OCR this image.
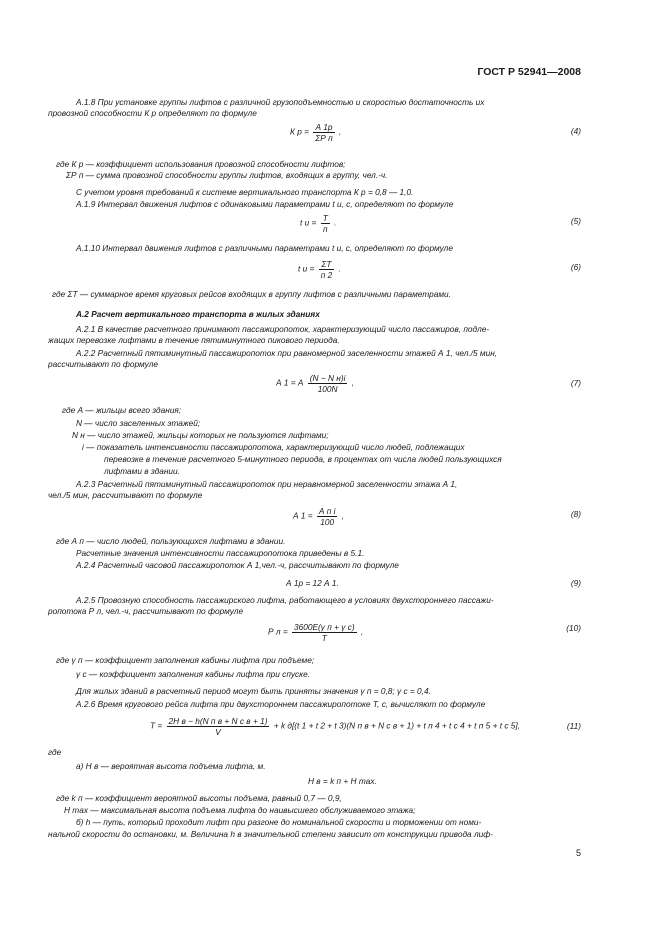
ГОСТ Р 52941—2008
А.1.8 При установке группы лифтов с различной грузоподъемностью и скоростью достаточность их
провозной способности К р определяют по формуле
К $р = \frac{А 1р}{\text{ΣР п}}$ ,	(4)
где К р — коэффициент использования провозной способности лифтов;
ΣР п — сумма провозной способности группы лифтов, входящих в группу, чел.-ч.
С учетом уровня требований к системе вертикального транспорта К р = 0,8 — 1,0.
А.1.9 Интервал движения лифтов с одинаковыми параметрами t и, с, определяют по формуле
t $и = \frac{Т}{п}$ .	(5)
А.1.10 Интервал движения лифтов с различными параметрами t и, с, определяют по формуле
t $и = \frac{\Sigma Т}{п 2}$ .	(6)
где ΣТ — суммарное время круговых рейсов входящих в группу лифтов с различными параметрами.
А.2 Расчет вертикального транспорта в жилых зданиях
А.2.1 В качестве расчетного принимают пассажиропоток, характеризующий число пассажиров, подле-
жащих перевозке лифтами в течение пятиминутного пикового периода.
А.2.2 Расчетный пятиминутный пассажиропоток при равномерной заселенности этажей А 1, чел./5 мин,
рассчитывают по формуле
А 1 = А $\frac{\text{(N − N н)i}}{100N}$ ,	(7)
где А — жильцы всего здания;
N — число заселенных этажей;
N н — число этажей, жильцы которых не пользуются лифтами;
i — показатель интенсивности пассажиропотока, характеризующий число людей, подлежащих
перевозке в течение расчетного 5-минутного периода, в процентах от числа людей пользующихся
лифтами в здании.
А.2.3 Расчетный пятиминутный пассажиропоток при неравномерной заселенности этажа А 1,
чел./5 мин, рассчитывают по формуле
А $1 = \frac{\text{А п i}}{100}$ ,	(8)
где А п — число людей, пользующихся лифтами в здании.
Расчетные значения интенсивности пассажиропотока приведены в 5.1.
А.2.4 Расчетный часовой пассажиропоток А 1,чел.-ч, рассчитывают по формуле
А 1р = 12 А 1.	(9)
А.2.5 Провозную способность пассажирского лифта, работающего в условиях двухстороннего пассажи-
ропотока Р л, чел.-ч, рассчитывают по формуле
Р $л = \frac{\text{3600Е(γ п + γ с)}}{Т}$ ,	(10)
где γ п — коэффициент заполнения кабины лифта при подъеме;
γ с — коэффициент заполнения кабины лифта при спуске.
Для жилых зданий в расчетный период могут быть приняты значения γ п = 0,8; γ с = 0,4.
А.2.6 Время кругового рейса лифта при двухстороннем пассажиропотоке Т, с, вычисляют по формуле
$Т = \frac{\text{2Н в − h(N п в + N с в + 1)}}{V} + k$ д[(t 1 + t 2 + t 3)(N п в + N с в + 1) + t п 4 + t с 4 + t п 5 + t с 5],	(11)
где
а) Н в — вероятная высота подъема лифта, м.
Н в = k п + Н max.
где k п — коэффициент вероятной высоты подъема, равный 0,7 — 0,9,
Н max — максимальная высота подъема лифта до наивысшего обслуживаемого этажа;
б) h — путь, который проходит лифт при разгоне до номинальной скорости и торможении от номи-
нальной скорости до остановки, м. Величина h в значительной степени зависит от конструкции привода лиф-
5
